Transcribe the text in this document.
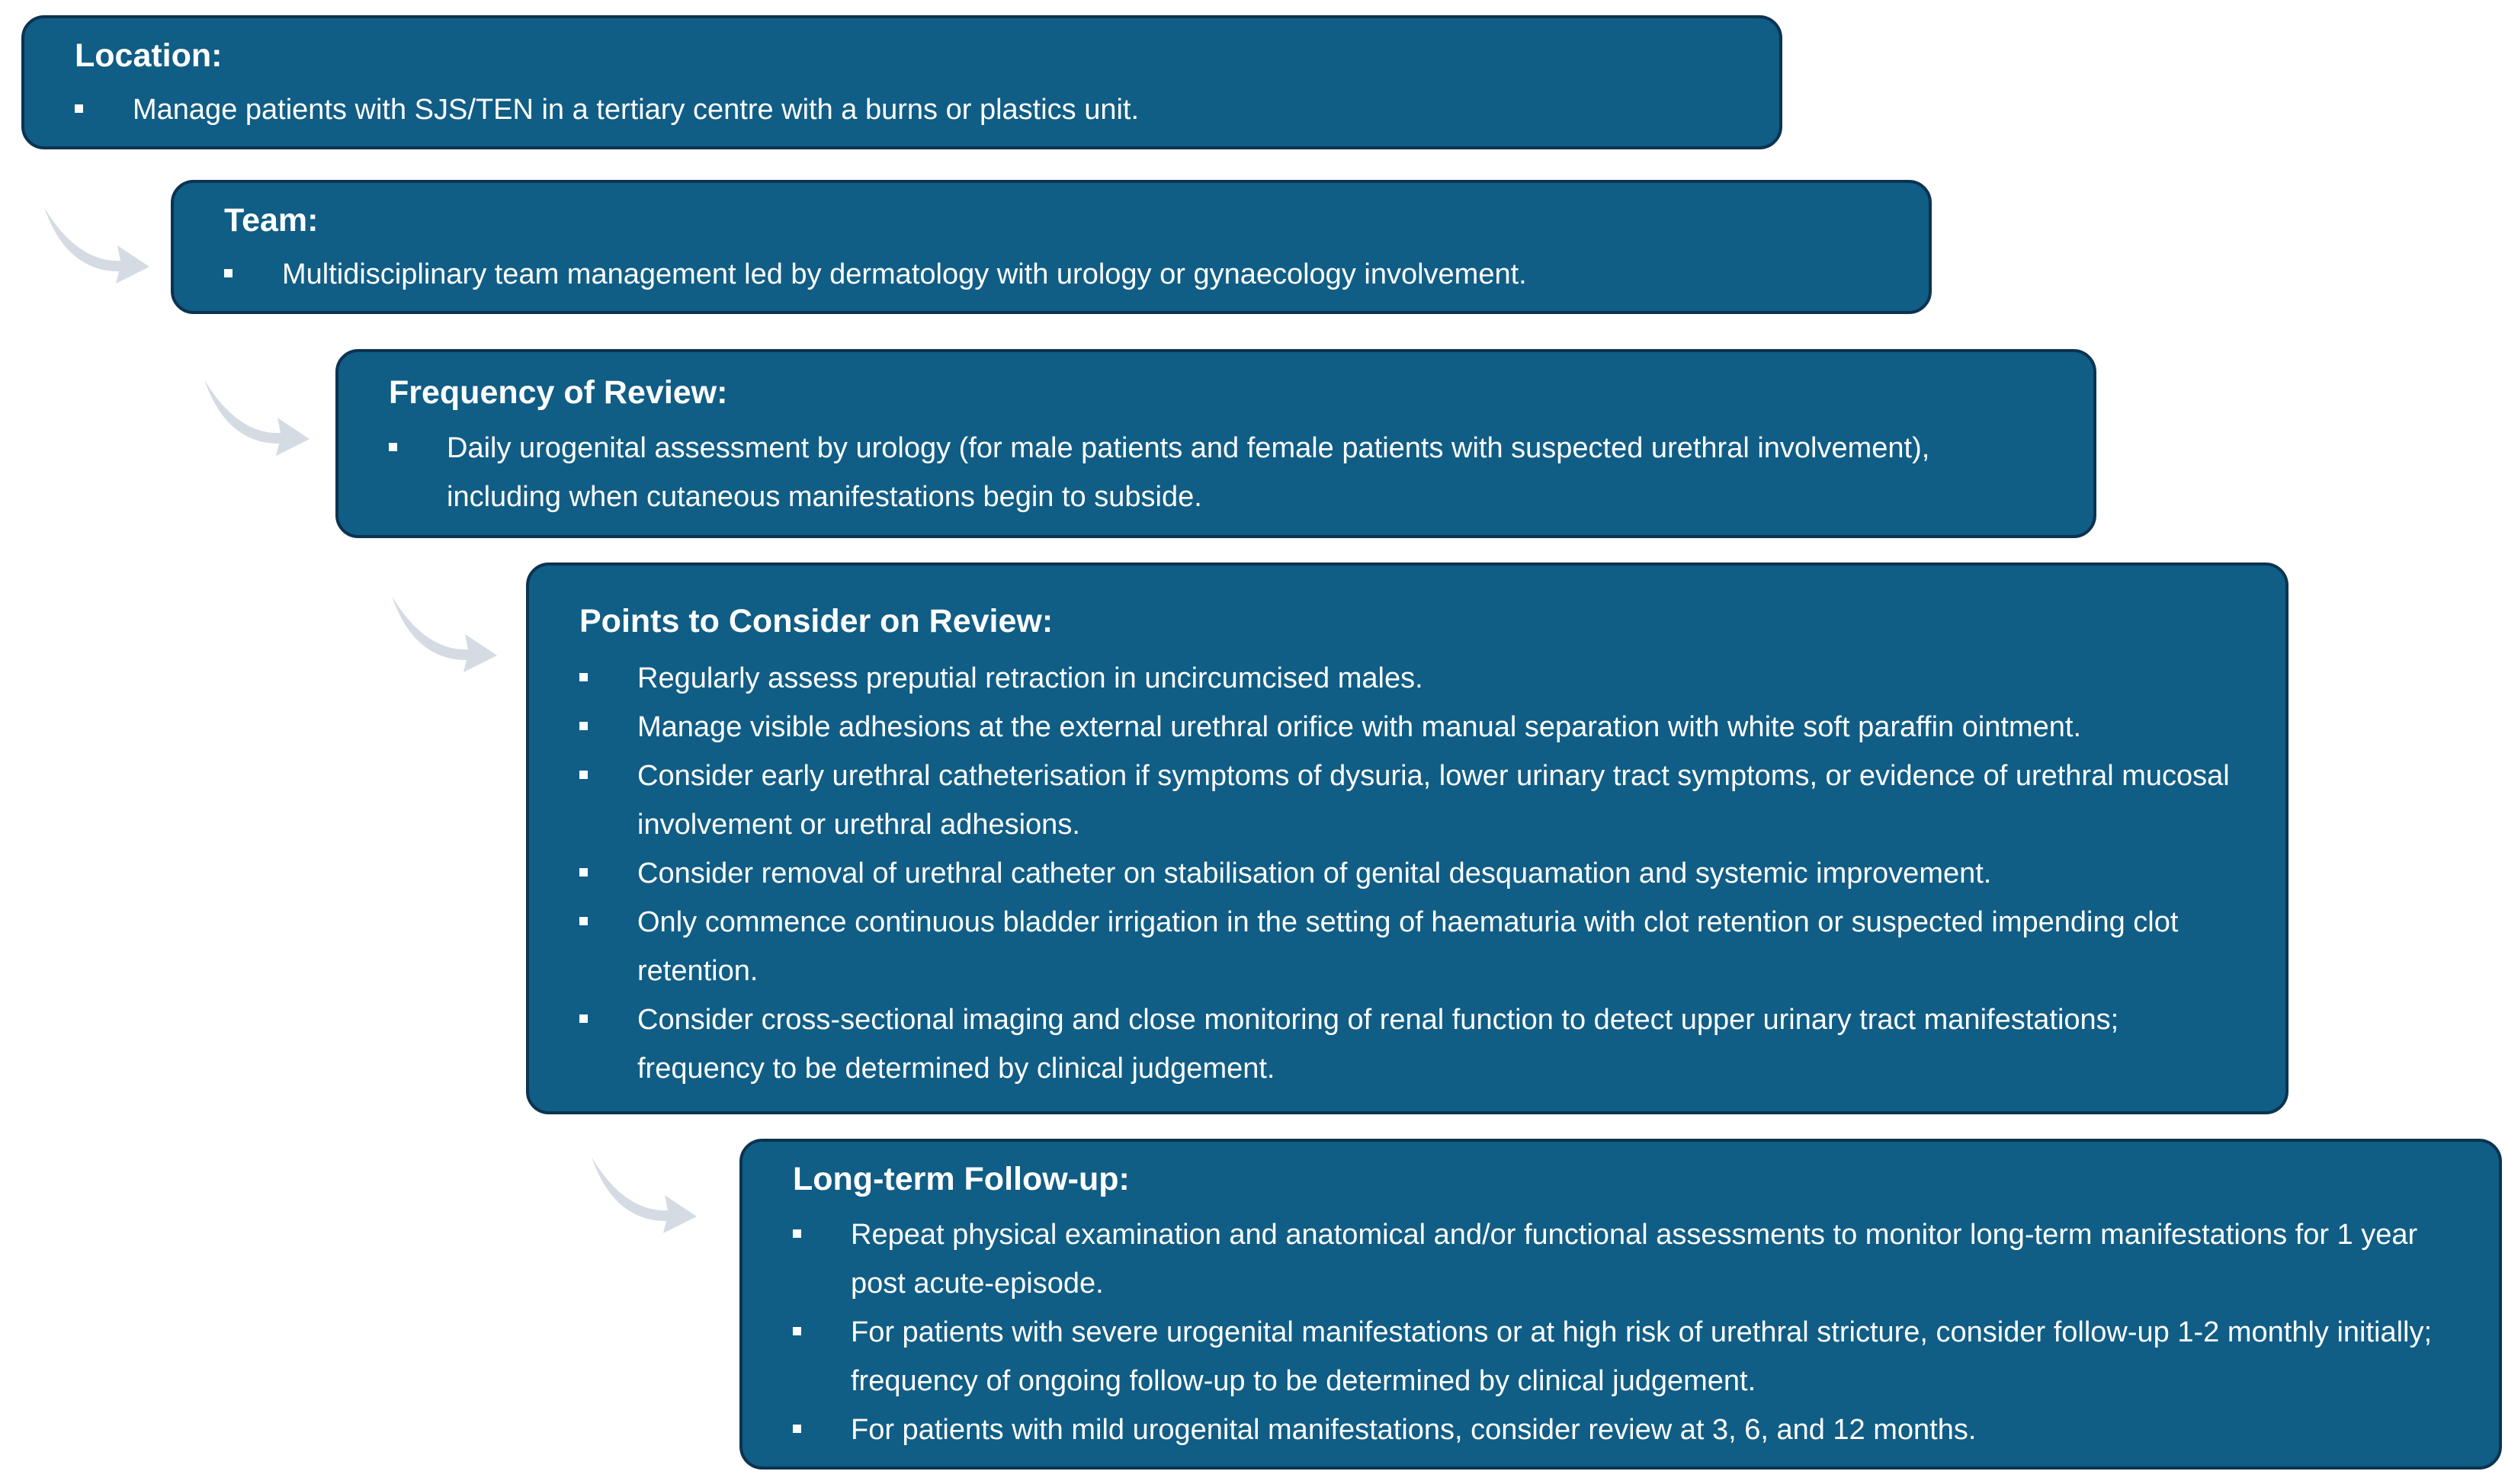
Location:
Manage patients with SJS/TEN in a tertiary centre with a burns or plastics unit.
Team:
Multidisciplinary team management led by dermatology with urology or gynaecology involvement.
Frequency of Review:
Daily urogenital assessment by urology (for male patients and female patients with suspected urethral involvement), including when cutaneous manifestations begin to subside.
Points to Consider on Review:
Regularly assess preputial retraction in uncircumcised males.
Manage visible adhesions at the external urethral orifice with manual separation with white soft paraffin ointment.
Consider early urethral catheterisation if symptoms of dysuria, lower urinary tract symptoms, or evidence of urethral mucosal involvement or urethral adhesions.
Consider removal of urethral catheter on stabilisation of genital desquamation and systemic improvement.
Only commence continuous bladder irrigation in the setting of haematuria with clot retention or suspected impending clot retention.
Consider cross-sectional imaging and close monitoring of renal function to detect upper urinary tract manifestations; frequency to be determined by clinical judgement.
Long-term Follow-up:
Repeat physical examination and anatomical and/or functional assessments to monitor long-term manifestations for 1 year post acute-episode.
For patients with severe urogenital manifestations or at high risk of urethral stricture, consider follow-up 1-2 monthly initially; frequency of ongoing follow-up to be determined by clinical judgement.
For patients with mild urogenital manifestations, consider review at 3, 6, and 12 months.
